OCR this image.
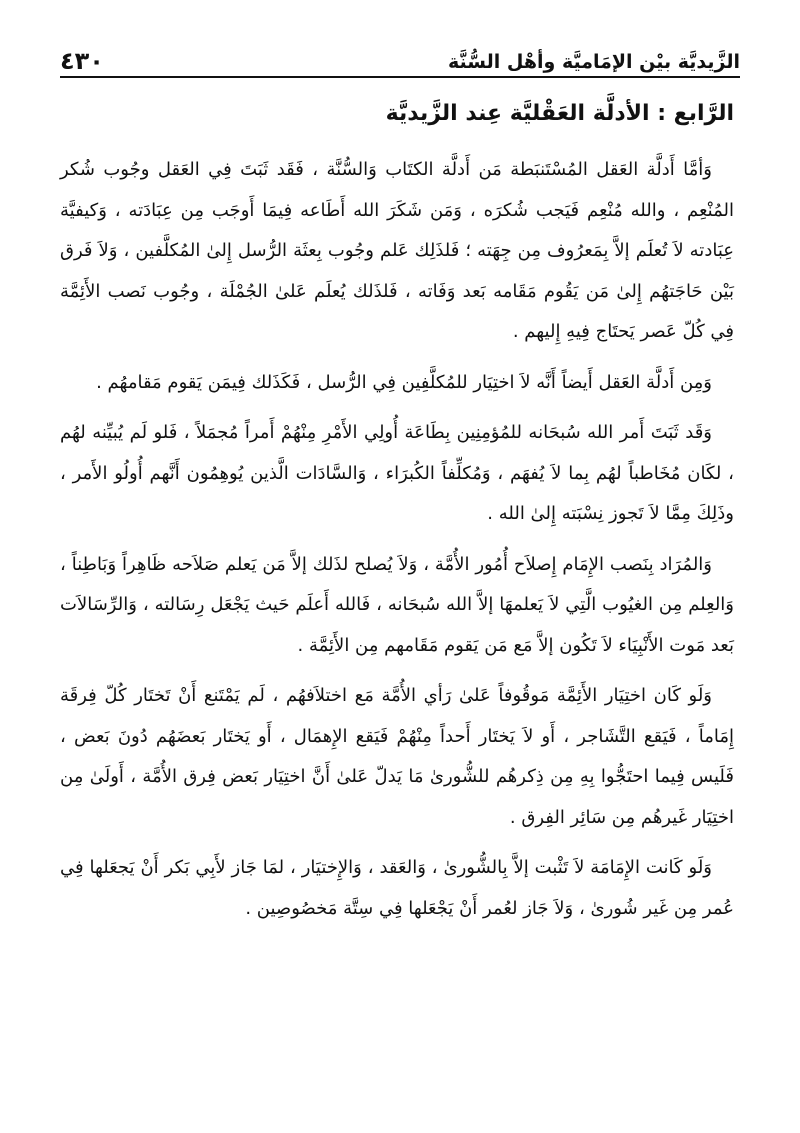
الزَّيديَّة بيْن الإمَاميَّة وأهْل السُّنَّة
٤٣٠
الرَّابع : الأدلَّة العَقْليَّة عِند الزَّيديَّة

وَأمَّا أَدلَّة العَقل المُسْتَنبَطة مَن أَدلَّة الكتَاب وَالسُّنَّة ، فَقَد ثَبَتَ فِي العَقل وجُوب شُكر المُنْعِم ، والله مُنْعِم فَيَجب شُكرَه ، وَمَن شَكَرَ الله أَطَاعه فِيمَا أَوجَب مِن عِبَادَته ، وَكيفيَّة عِبَادته لاَ تُعلَم إلاَّ بِمَعرُوف مِن جِهَته ؛ فَلذَلِك عَلم وجُوب بِعثَة الرُّسل إِلىٰ المُكلَّفين ، وَلاَ فَرق بَيْن حَاجَتهُم إِلىٰ مَن يَقُوم مَقَامه بَعد وَفَاته ، فَلذَلك يُعلَم عَلىٰ الجُمْلَة ، وجُوب نَصب الأَئِمَّة فِي كُلّ عَصر يَحتَاج فِيهِ إِليهم .

وَمِن أَدلَّة العَقل أَيضاً أَنَّه لاَ اختِيَار للمُكلَّفِين فِي الرُّسل ، فَكَذَلك فِيمَن يَقوم مَقامهُم .

وَقَد ثَبَتَ أَمر الله سُبحَانه للمُؤمِنِين بِطَاعَة أُولِي الأَمْرِ مِنْهُمْ أَمراً مُجمَلاً ، فَلو لَم يُبيِّنه لهُم ، لكَان مُخَاطباً لهُم بِما لاَ يُفهَم ، وَمُكلِّفاً الكُبرَاء ، وَالسَّادَات الَّذين يُوهِمُون أَنَّهم أُولُو الأَمر ، وذَلِكَ مِمَّا لاَ تَجوز نِسْبَته إِلىٰ الله .

وَالمُرَاد بِنَصب الإِمَام إِصلاَح أُمُور الأُمَّة ، وَلاَ يُصلح لذَلك إلاَّ مَن يَعلم صَلاَحه ظَاهِراً وَبَاطِناً ، وَالعِلم مِن الغيُوب الَّتِي لاَ يَعلمهَا إلاَّ الله سُبحَانه ، فَالله أَعلَم حَيث يَجْعَل رِسَالته ، وَالرِّسَالاَت بَعد مَوت الأَنْبِيَاء لاَ تَكُون إلاَّ مَع مَن يَقوم مَقَامهم مِن الأَئِمَّة .

وَلَو كَان اختِيَار الأَئِمَّة مَوقُوفاً عَلىٰ رَأي الأُمَّة مَع اختلاَفهُم ، لَم يَمْتَنع أَنْ تَختَار كُلّ فِرقَة إِمَاماً ، فَيَقع التَّشَاجر ، أَو لاَ يَختَار أَحداً مِنْهُمْ فَيَقع الإِهمَال ، أَو يَختَار بَعضَهُم دُونَ بَعض ، فَلَيس فِيما احتَجُّوا بِهِ مِن ذِكرهُم للشُّورىٰ مَا يَدلّ عَلىٰ أَنَّ اختِيَار بَعض فِرق الأُمَّة ، أَولَىٰ مِن اختِيَار غَيرهُم مِن سَائِر الفِرق .

وَلَو كَانت الإِمَامَة لاَ تَثْبت إلاَّ بِالشُّورىٰ ، وَالعَقد ، وَالإِختيَار ، لمَا جَاز لأَبِي بَكر أَنْ يَجعَلها فِي عُمر مِن غَير شُورىٰ ، وَلاَ جَاز لعُمر أَنْ يَجْعَلها فِي سِتَّة مَخصُوصِين .
